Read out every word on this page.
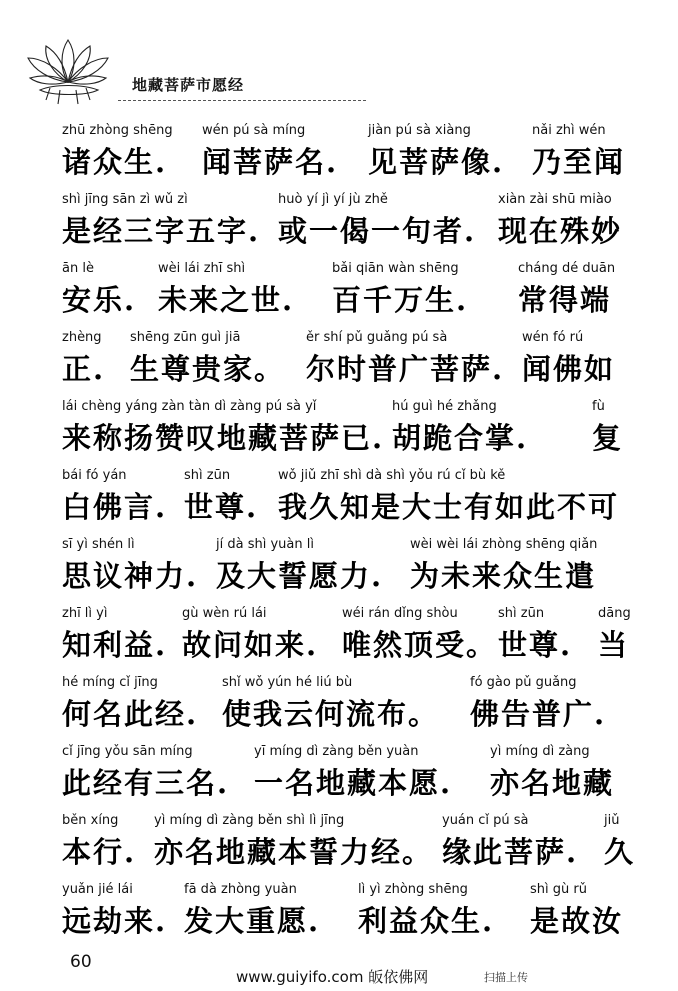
地藏菩萨市愿经
zhū zhòng shēng
诸众生.
wén pú sà míng
闻菩萨名.
jiàn pú sà xiàng
见菩萨像.
nǎi zhì wén
乃至闻
shì jīng sān zì wǔ zì
是经三字五字.
huò yí jì yí jù zhě
或一偈一句者.
xiàn zài shū miào
现在殊妙
ān lè
安乐.
wèi lái zhī shì
未来之世.
bǎi qiān wàn shēng
百千万生.
cháng dé duān
常得端
zhèng
正.
shēng zūn guì jiā
生尊贵家。
ěr shí pǔ guǎng pú sà
尔时普广菩萨.
wén fó rú
闻佛如
lái chèng yáng zàn tàn dì zàng pú sà yǐ
来称扬赞叹地藏菩萨已.
hú guì hé zhǎng
胡跪合掌.
fù
复
bái fó yán
白佛言.
shì zūn
世尊.
wǒ jiǔ zhī shì dà shì yǒu rú cǐ bù kě
我久知是大士有如此不可
sī yì shén lì
思议神力.
jí dà shì yuàn lì
及大誓愿力.
wèi wèi lái zhòng shēng qiǎn
为未来众生遣
zhī lì yì
知利益.
gù wèn rú lái
故问如来.
wéi rán dǐng shòu
唯然顶受。
shì zūn
世尊.
dāng
当
hé míng cǐ jīng
何名此经.
shǐ wǒ yún hé liú bù
使我云何流布。
fó gào pǔ guǎng
佛告普广.
cǐ jīng yǒu sān míng
此经有三名.
yī míng dì zàng běn yuàn
一名地藏本愿.
yì míng dì zàng
亦名地藏
běn xíng
本行.
yì míng dì zàng běn shì lì jīng
亦名地藏本誓力经。
yuán cǐ pú sà
缘此菩萨.
jiǔ
久
yuǎn jié lái
远劫来.
fā dà zhòng yuàn
发大重愿.
lì yì zhòng shēng
利益众生.
shì gù rǔ
是故汝
60
www.guiyifo.com 皈依佛网	扫描上传
